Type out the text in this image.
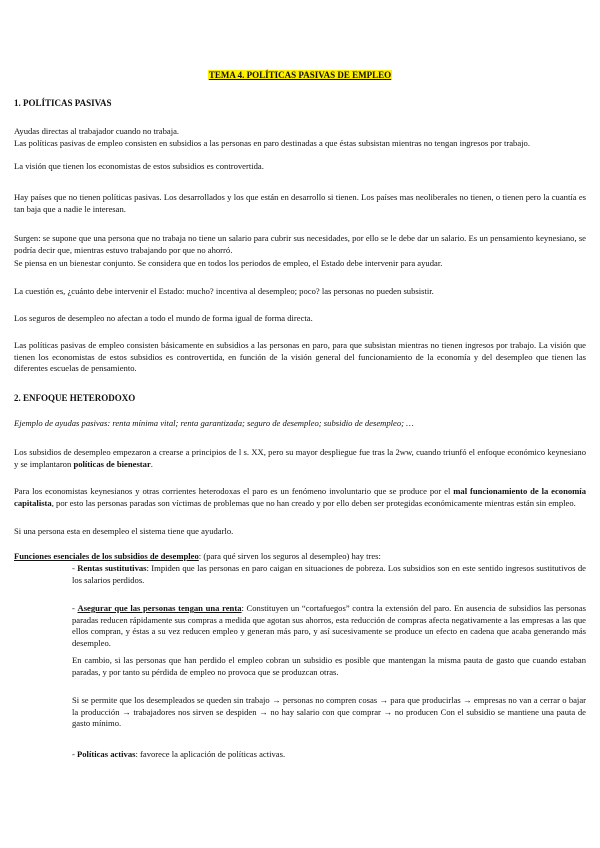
TEMA 4. POLÍTICAS PASIVAS DE EMPLEO

1. POLÍTICAS PASIVAS

Ayudas directas al trabajador cuando no trabaja.

Las políticas pasivas de empleo consisten en subsidios a las personas en paro destinadas a que éstas subsistan mientras no tengan ingresos por trabajo.

La visión que tienen los economistas de estos subsidios es controvertida.

Hay países que no tienen políticas pasivas. Los desarrollados y los que están en desarrollo si tienen. Los países mas neoliberales no tienen, o tienen pero la cuantía es tan baja que a nadie le interesan.

Surgen: se supone que una persona que no trabaja no tiene un salario para cubrir sus necesidades, por ello se le debe dar un salario. Es un pensamiento keynesiano, se podría decir que, mientras estuvo trabajando por que no ahorró.

Se piensa en un bienestar conjunto. Se considera que en todos los periodos de empleo, el Estado debe intervenir para ayudar.

La cuestión es, ¿cuánto debe intervenir el Estado: mucho? incentiva al desempleo; poco? las personas no pueden subsistir.

Los seguros de desempleo no afectan a todo el mundo de forma igual de forma directa.

Las políticas pasivas de empleo consisten básicamente en subsidios a las personas en paro, para que subsistan mientras no tienen ingresos por trabajo. La visión que tienen los economistas de estos subsidios es controvertida, en función de la visión general del funcionamiento de la economía y del desempleo que tienen las diferentes escuelas de pensamiento.

2. ENFOQUE HETERODOXO

Ejemplo de ayudas pasivas: renta mínima vital; renta garantizada; seguro de desempleo; subsidio de desempleo; …

Los subsidios de desempleo empezaron a crearse a principios de l s. XX, pero su mayor despliegue fue tras la 2ww, cuando triunfó el enfoque económico keynesiano y se implantaron políticas de bienestar.

Para los economistas keynesianos y otras corrientes heterodoxas el paro es un fenómeno involuntario que se produce por el mal funcionamiento de la economía capitalista, por esto las personas paradas son víctimas de problemas que no han creado y por ello deben ser protegidas económicamente mientras están sin empleo.

Si una persona esta en desempleo el sistema tiene que ayudarlo.

Funciones esenciales de los subsidios de desempleo: (para qué sirven los seguros al desempleo) hay tres:

- Rentas sustitutivas: Impiden que las personas en paro caigan en situaciones de pobreza. Los subsidios son en este sentido ingresos sustitutivos de los salarios perdidos.

- Asegurar que las personas tengan una renta: Constituyen un “cortafuegos” contra la extensión del paro. En ausencia de subsidios las personas paradas reducen rápidamente sus compras a medida que agotan sus ahorros, esta reducción de compras afecta negativamente a las empresas a las que ellos compran, y éstas a su vez reducen empleo y generan más paro, y así sucesivamente se produce un efecto en cadena que acaba generando más desempleo.

En cambio, si las personas que han perdido el empleo cobran un subsidio es posible que mantengan la misma pauta de gasto que cuando estaban paradas, y por tanto su pérdida de empleo no provoca que se produzcan otras.

Si se permite que los desempleados se queden sin trabajo → personas no compren cosas → para que producirlas → empresas no van a cerrar o bajar la producción → trabajadores nos sirven se despiden → no hay salario con que comprar → no producen Con el subsidio se mantiene una pauta de gasto mínimo.

- Políticas activas: favorece la aplicación de políticas activas.
